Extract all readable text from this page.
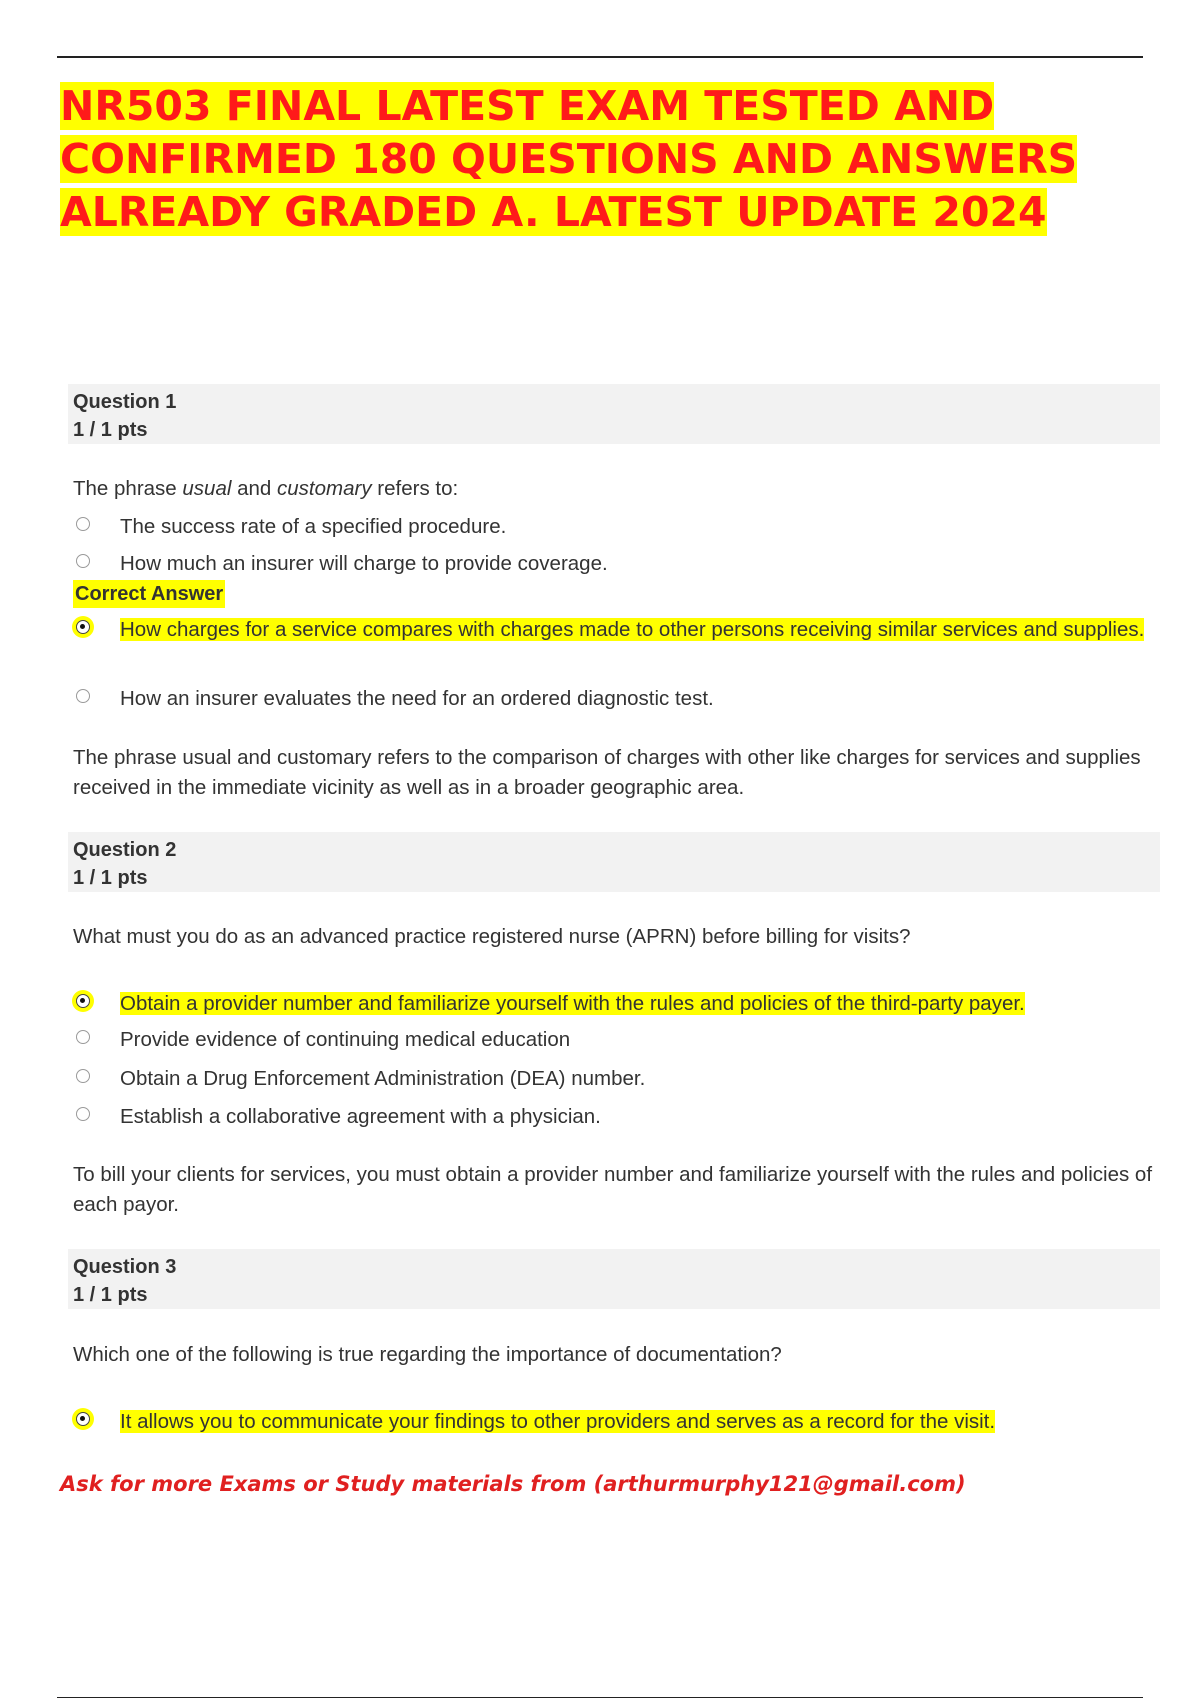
NR503 FINAL LATEST EXAM TESTED AND CONFIRMED 180 QUESTIONS AND ANSWERS ALREADY GRADED A. LATEST UPDATE 2024
Question 1
1 / 1 pts
The phrase usual and customary refers to:
The success rate of a specified procedure.
How much an insurer will charge to provide coverage.
Correct Answer
How charges for a service compares with charges made to other persons receiving similar services and supplies.
How an insurer evaluates the need for an ordered diagnostic test.
The phrase usual and customary refers to the comparison of charges with other like charges for services and supplies received in the immediate vicinity as well as in a broader geographic area.
Question 2
1 / 1 pts
What must you do as an advanced practice registered nurse (APRN) before billing for visits?
Obtain a provider number and familiarize yourself with the rules and policies of the third-party payer.
Provide evidence of continuing medical education
Obtain a Drug Enforcement Administration (DEA) number.
Establish a collaborative agreement with a physician.
To bill your clients for services, you must obtain a provider number and familiarize yourself with the rules and policies of each payor.
Question 3
1 / 1 pts
Which one of the following is true regarding the importance of documentation?
It allows you to communicate your findings to other providers and serves as a record for the visit.
Ask for more Exams or Study materials from (arthurmurphy121@gmail.com)
